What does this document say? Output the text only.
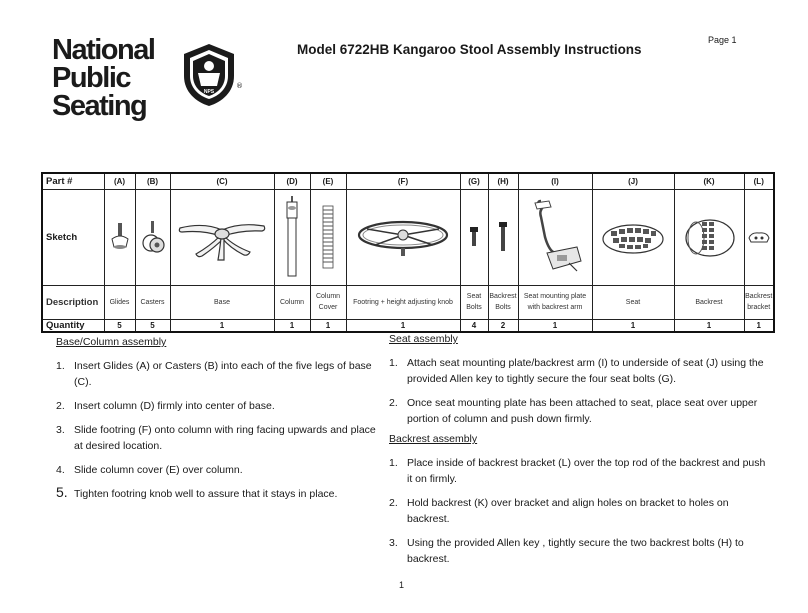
National
Public
Seating	NPS
®
Model 6722HB Kangaroo Stool Assembly Instructions
Page 1
Part #	(A)	(B)	(C)	(D)	(E)	(F)	(G)	(H)	(I)	(J)	(K)	(L)
Sketch	

Description	Glides	Casters	Base	Column	Column Cover	Footring + height adjusting knob	Seat Bolts	Backrest Bolts	Seat mounting plate with backrest arm	Seat	Backrest	Backrest bracket
Quantity	5	5	1	1	1	1	4	2	1	1	1	1
Base/Column assembly
1. Insert Glides (A) or Casters (B) into each of the five legs of base (C).
2. Insert column (D) firmly into center of base.
3. Slide footring (F) onto column with ring facing upwards and place at desired location.
4. Slide column cover (E) over column.
5. Tighten footring knob well to assure that it stays in place.
Seat assembly
1. Attach seat mounting plate/backrest arm (I) to underside of seat (J) using the provided Allen key to tightly secure the four seat bolts (G).
2. Once seat mounting plate has been attached to seat, place seat over upper portion of column and push down firmly.
Backrest assembly
1. Place inside of backrest bracket (L) over the top rod of the backrest and push it on firmly.
2. Hold backrest (K) over bracket and align holes on bracket to holes on backrest.
3. Using the provided Allen key , tightly secure the two backrest bolts (H) to backrest.
1
